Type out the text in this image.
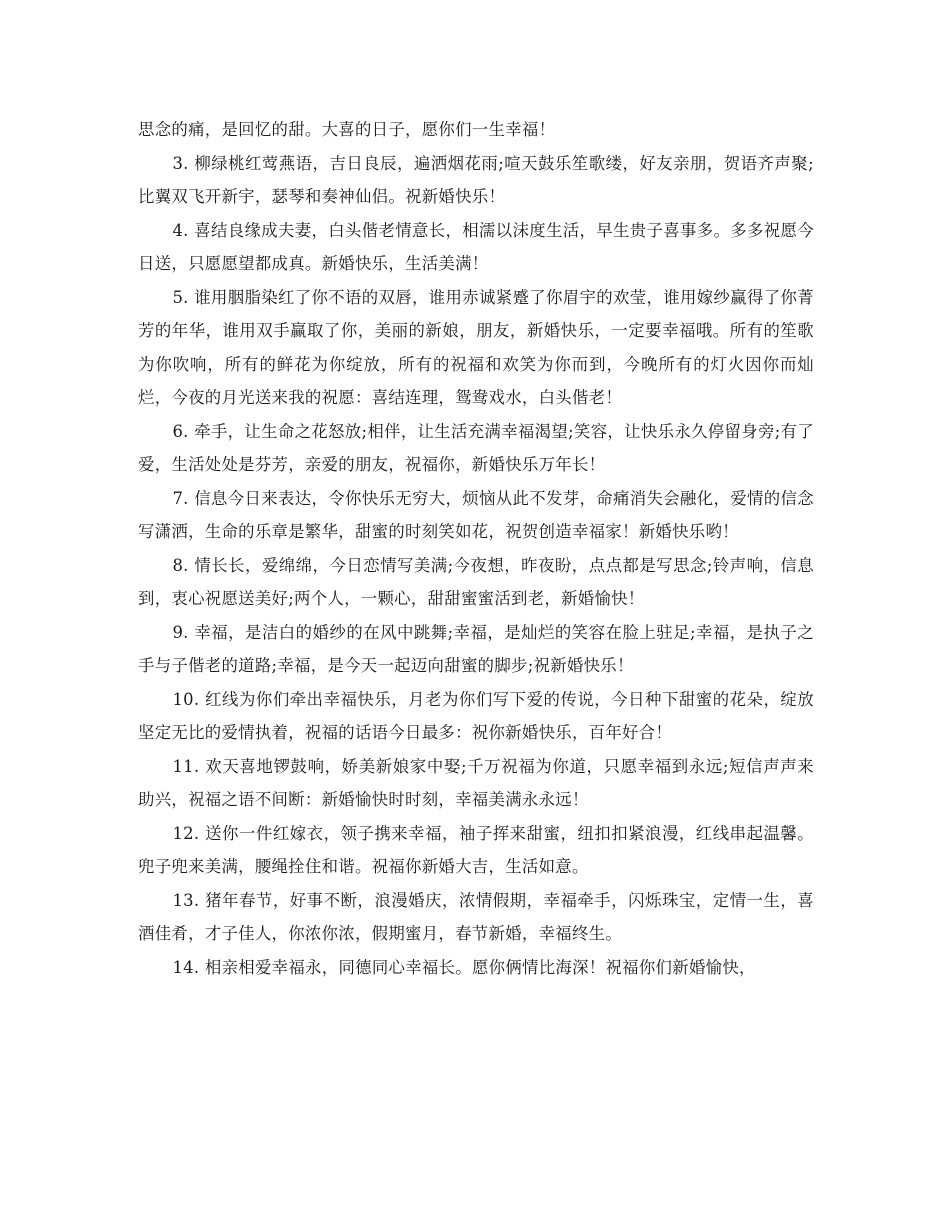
思念的痛，是回忆的甜。大喜的日子，愿你们一生幸福！

3. 柳绿桃红莺燕语，吉日良辰，遍洒烟花雨;喧天鼓乐笙歌缕，好友亲朋，贺语齐声聚;比翼双飞开新宇，瑟琴和奏神仙侣。祝新婚快乐！

4. 喜结良缘成夫妻，白头偕老情意长，相濡以沫度生活，早生贵子喜事多。多多祝愿今日送，只愿愿望都成真。新婚快乐，生活美满！

5. 谁用胭脂染红了你不语的双唇，谁用赤诚紧蹙了你眉宇的欢莹，谁用嫁纱赢得了你菁芳的年华，谁用双手赢取了你，美丽的新娘，朋友，新婚快乐，一定要幸福哦。所有的笙歌为你吹响，所有的鲜花为你绽放，所有的祝福和欢笑为你而到，今晚所有的灯火因你而灿烂，今夜的月光送来我的祝愿：喜结连理，鸳鸯戏水，白头偕老！

6. 牵手，让生命之花怒放;相伴，让生活充满幸福渴望;笑容，让快乐永久停留身旁;有了爱，生活处处是芬芳，亲爱的朋友，祝福你，新婚快乐万年长！

7. 信息今日来表达，令你快乐无穷大，烦恼从此不发芽，命痛消失会融化，爱情的信念写潇洒，生命的乐章是繁华，甜蜜的时刻笑如花，祝贺创造幸福家！新婚快乐哟！

8. 情长长，爱绵绵，今日恋情写美满;今夜想，昨夜盼，点点都是写思念;铃声响，信息到，衷心祝愿送美好;两个人，一颗心，甜甜蜜蜜活到老，新婚愉快！

9. 幸福，是洁白的婚纱的在风中跳舞;幸福，是灿烂的笑容在脸上驻足;幸福，是执子之手与子偕老的道路;幸福，是今天一起迈向甜蜜的脚步;祝新婚快乐！

10. 红线为你们牵出幸福快乐，月老为你们写下爱的传说，今日种下甜蜜的花朵，绽放坚定无比的爱情执着，祝福的话语今日最多：祝你新婚快乐，百年好合！

11. 欢天喜地锣鼓响，娇美新娘家中娶;千万祝福为你道，只愿幸福到永远;短信声声来助兴，祝福之语不间断：新婚愉快时时刻，幸福美满永永远！

12. 送你一件红嫁衣，领子携来幸福，袖子挥来甜蜜，纽扣扣紧浪漫，红线串起温馨。兜子兜来美满，腰绳拴住和谐。祝福你新婚大吉，生活如意。

13. 猪年春节，好事不断，浪漫婚庆，浓情假期，幸福牵手，闪烁珠宝，定情一生，喜酒佳肴，才子佳人，你浓你浓，假期蜜月，春节新婚，幸福终生。

14. 相亲相爱幸福永，同德同心幸福长。愿你俩情比海深！祝福你们新婚愉快，
